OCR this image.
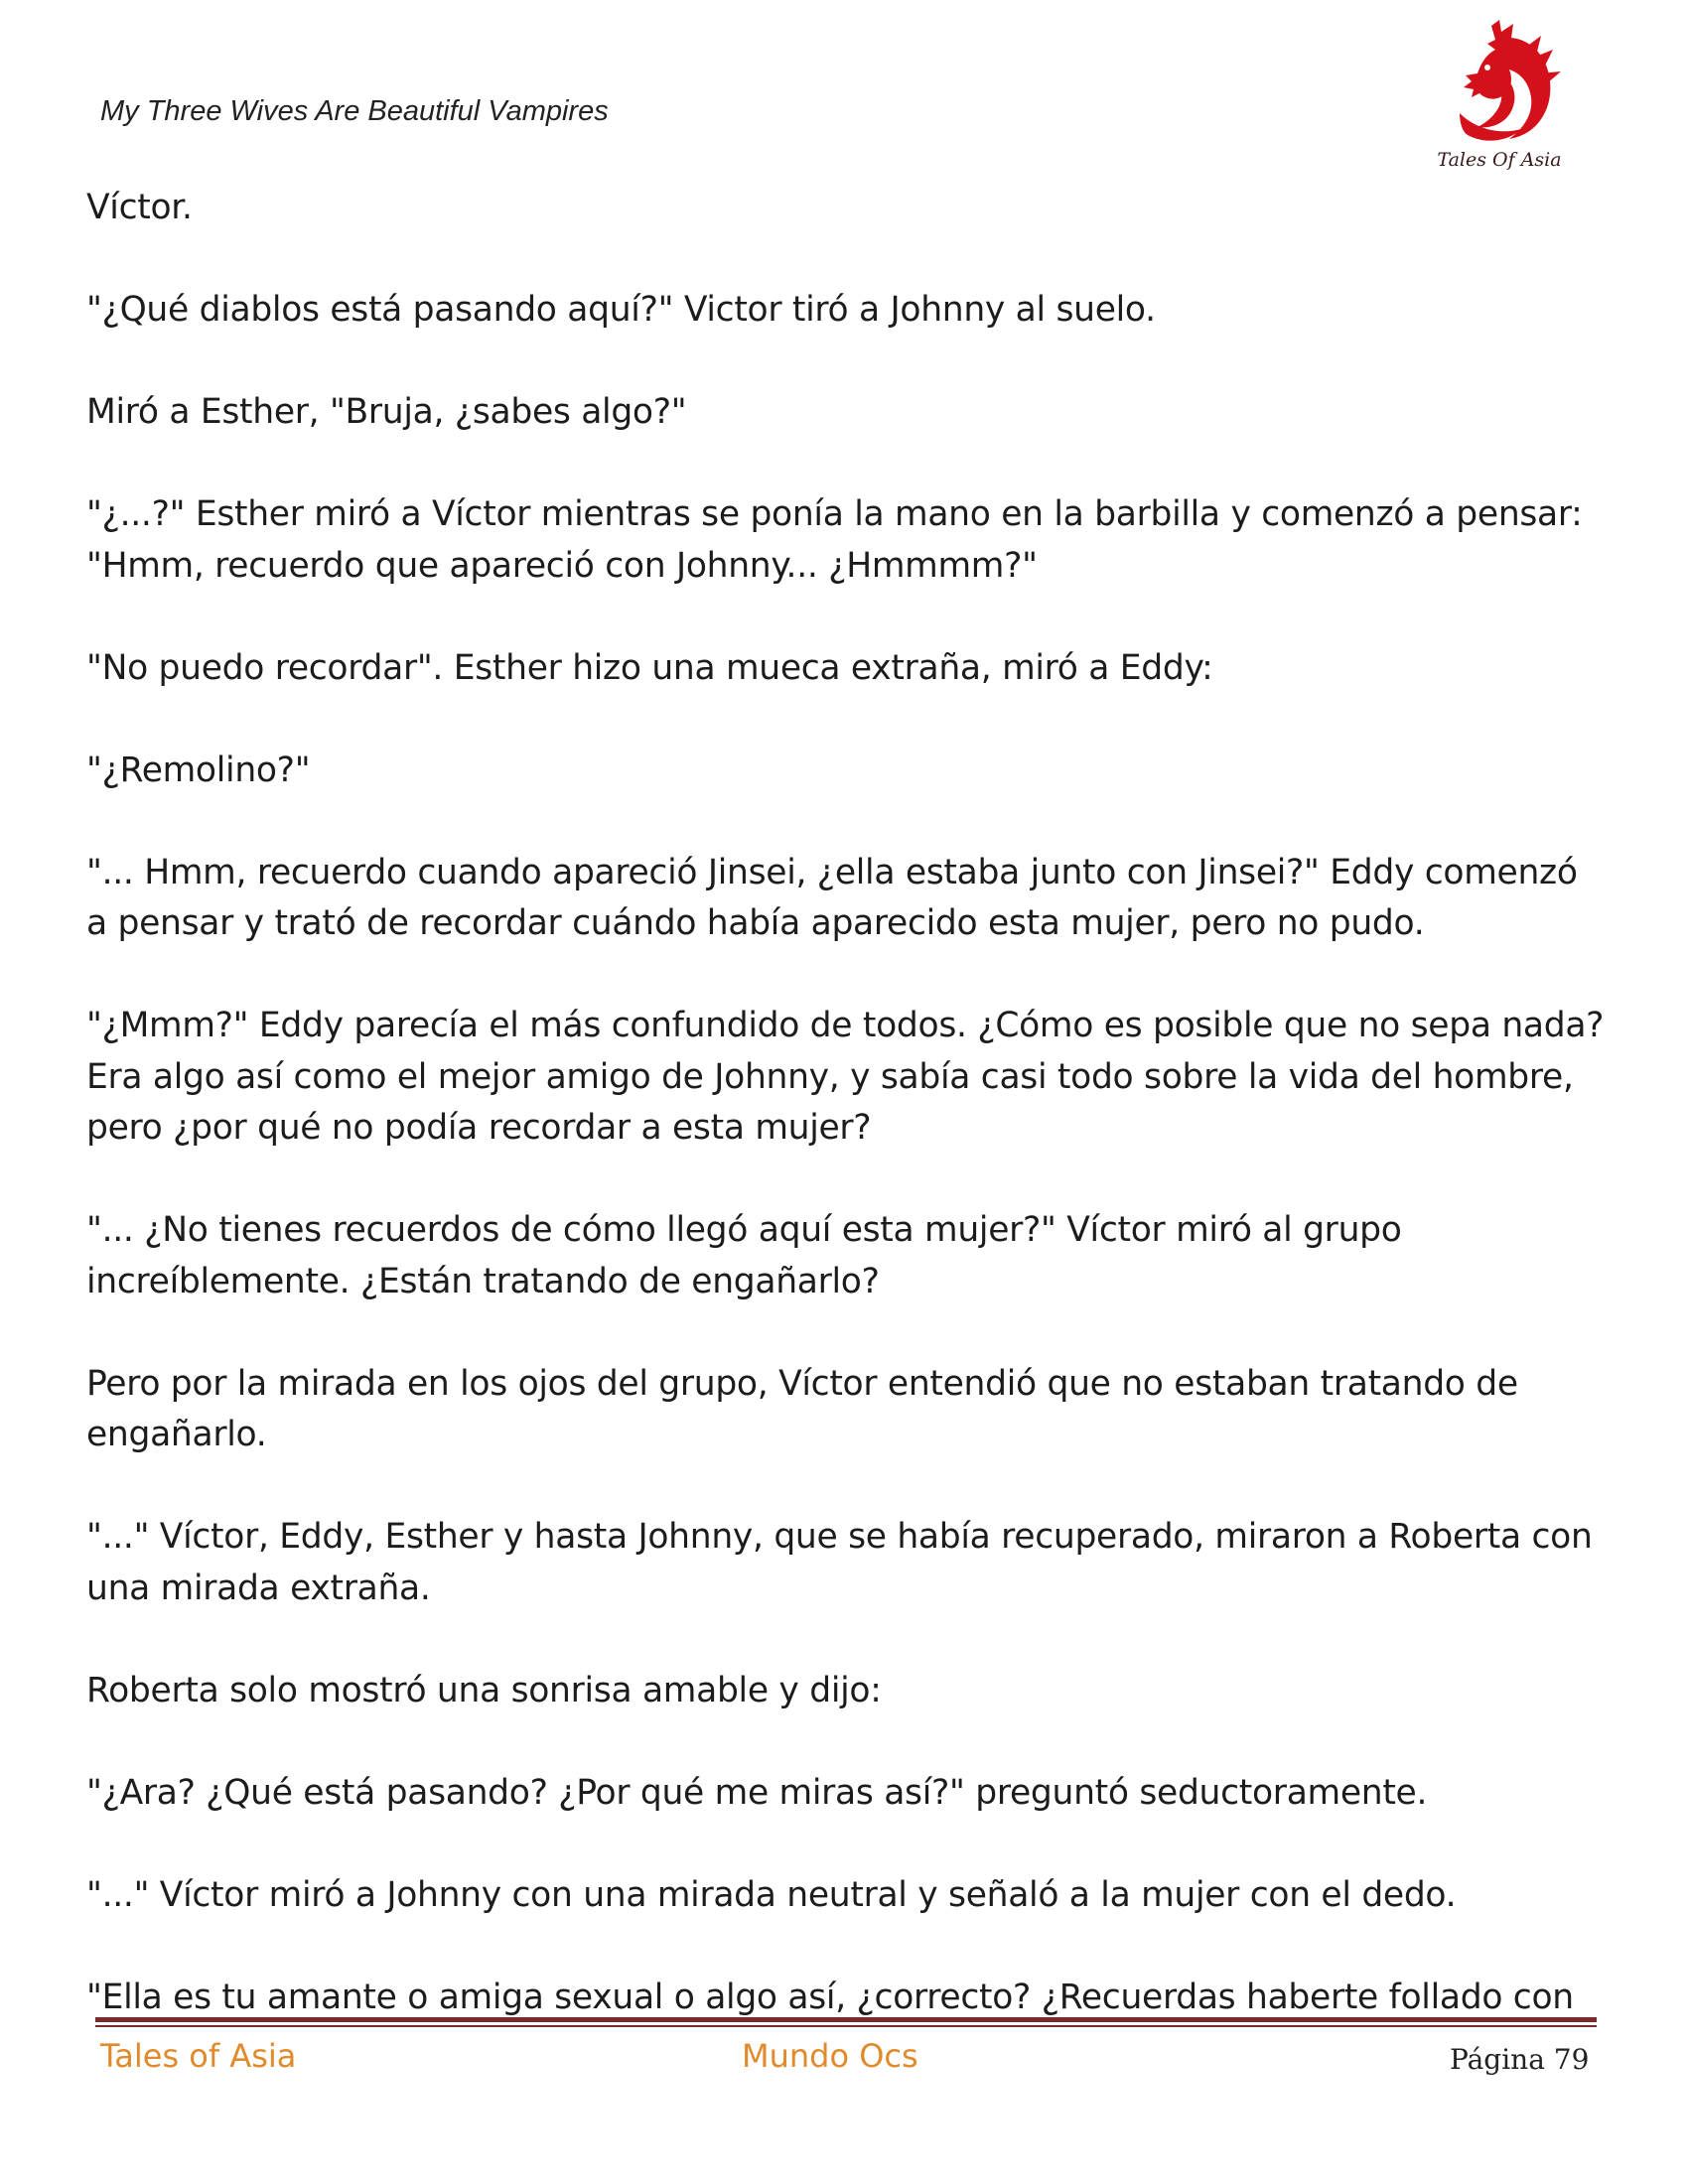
My Three Wives Are Beautiful Vampires
Tales Of Asia

Víctor.

"¿Qué diablos está pasando aquí?" Victor tiró a Johnny al suelo.

Miró a Esther, "Bruja, ¿sabes algo?"

"¿...?" Esther miró a Víctor mientras se ponía la mano en la barbilla y comenzó a pensar: "Hmm, recuerdo que apareció con Johnny... ¿Hmmmm?"

"No puedo recordar". Esther hizo una mueca extraña, miró a Eddy:

"¿Remolino?"

"... Hmm, recuerdo cuando apareció Jinsei, ¿ella estaba junto con Jinsei?" Eddy comenzó a pensar y trató de recordar cuándo había aparecido esta mujer, pero no pudo.

"¿Mmm?" Eddy parecía el más confundido de todos. ¿Cómo es posible que no sepa nada? Era algo así como el mejor amigo de Johnny, y sabía casi todo sobre la vida del hombre, pero ¿por qué no podía recordar a esta mujer?

"... ¿No tienes recuerdos de cómo llegó aquí esta mujer?" Víctor miró al grupo increíblemente. ¿Están tratando de engañarlo?

Pero por la mirada en los ojos del grupo, Víctor entendió que no estaban tratando de engañarlo.

"..." Víctor, Eddy, Esther y hasta Johnny, que se había recuperado, miraron a Roberta con una mirada extraña.

Roberta solo mostró una sonrisa amable y dijo:

"¿Ara? ¿Qué está pasando? ¿Por qué me miras así?" preguntó seductoramente.

"..." Víctor miró a Johnny con una mirada neutral y señaló a la mujer con el dedo.

"Ella es tu amante o amiga sexual o algo así, ¿correcto? ¿Recuerdas haberte follado con

Tales of Asia	Mundo Ocs	Página 79
